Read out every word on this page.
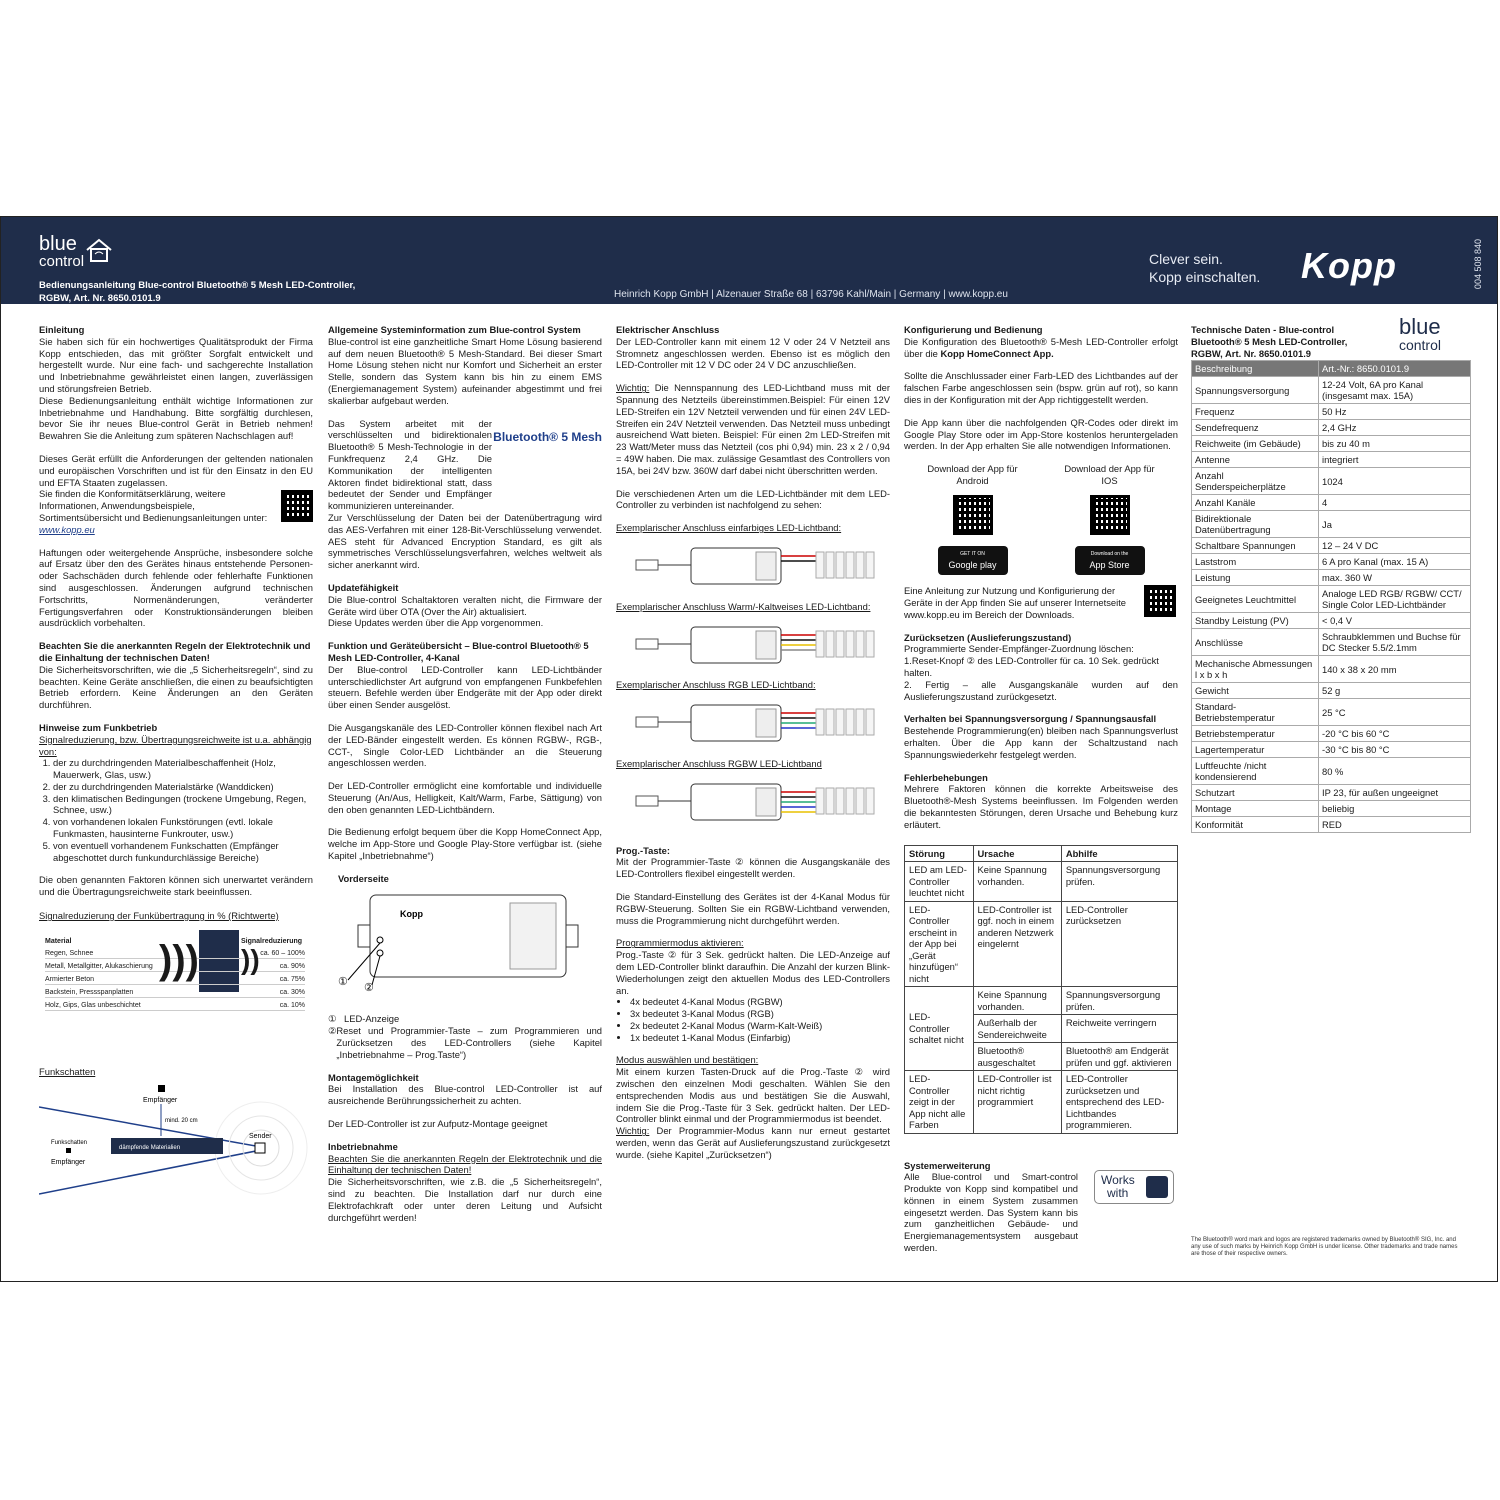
blue
control
Bedienungsanleitung Blue-control Bluetooth® 5 Mesh LED-Controller, RGBW, Art. Nr. 8650.0101.9	Heinrich Kopp GmbH | Alzenauer Straße 68 | 63796 Kahl/Main | Germany | www.kopp.eu
Clever sein.
Kopp einschalten. Kopp	004 508 840
Einleitung

Sie haben sich für ein hochwertiges Qualitätsprodukt der Firma Kopp entschieden, das mit größter Sorgfalt entwickelt und hergestellt wurde. Nur eine fach- und sachgerechte Installation und Inbetriebnahme gewährleistet einen langen, zuverlässigen und störungsfreien Betrieb.

Diese Bedienungsanleitung enthält wichtige Informationen zur Inbetriebnahme und Handhabung. Bitte sorgfältig durchlesen, bevor Sie ihr neues Blue-control Gerät in Betrieb nehmen! Bewahren Sie die Anleitung zum späteren Nachschlagen auf!

Dieses Gerät erfüllt die Anforderungen der geltenden nationalen und europäischen Vorschriften und ist für den Einsatz in den EU und EFTA Staaten zugelassen.

Sie finden die Konformitätserklärung, weitere Informationen, Anwendungsbeispiele, Sortimentsübersicht und Bedienungsanleitungen unter: www.kopp.eu

Haftungen oder weitergehende Ansprüche, insbesondere solche auf Ersatz über den des Gerätes hinaus entstehende Personen- oder Sachschäden durch fehlende oder fehlerhafte Funktionen sind ausgeschlossen. Änderungen aufgrund technischen Fortschritts, Normenänderungen, veränderter Fertigungsverfahren oder Konstruktionsänderungen bleiben ausdrücklich vorbehalten.

Beachten Sie die anerkannten Regeln der Elektrotechnik und die Einhaltung der technischen Daten!

Die Sicherheitsvorschriften, wie die „5 Sicherheitsregeln“, sind zu beachten. Keine Geräte anschließen, die einen zu beaufsichtigten Betrieb erfordern. Keine Änderungen an den Geräten durchführen.

Hinweise zum Funkbetrieb
Signalreduzierung, bzw. Übertragungsreichweite ist u.a. abhängig von:
1. der zu durchdringenden Materialbeschaffenheit (Holz, Mauerwerk, Glas, usw.)
2. der zu durchdringenden Materialstärke (Wanddicken)
3. den klimatischen Bedingungen (trockene Umgebung, Regen, Schnee, usw.)
4. von vorhandenen lokalen Funkstörungen (evtl. lokale Funkmasten, hausinterne Funkrouter, usw.)
5. von eventuell vorhandenem Funkschatten (Empfänger abgeschottet durch funkundurchlässige Bereiche)

Die oben genannten Faktoren können sich unerwartet verändern und die Übertragungsreichweite stark beeinflussen.

Signalreduzierung der Funkübertragung in % (Richtwerte)
Material	Signalreduzierung
Regen, Schnee	ca. 60 – 100%
Metall, Metallgitter, Alukaschierung	ca. 90%
Armierter Beton	ca. 75%
Backstein, Pressspanplatten	ca. 30%
Holz, Gips, Glas unbeschichtet	ca. 10%
))) ))
Funkschatten
dämpfende Materialien
Sender
Empfänger
mind. 20 cm
Funkschatten
Empfänger
Allgemeine Systeminformation zum Blue-control System

Blue-control ist eine ganzheitliche Smart Home Lösung basierend auf dem neuen Bluetooth® 5 Mesh-Standard. Bei dieser Smart Home Lösung stehen nicht nur Komfort und Sicherheit an erster Stelle, sondern das System kann bis hin zu einem EMS (Energiemanagement System) aufeinander abgestimmt und frei skalierbar aufgebaut werden.

Das System arbeitet mit der verschlüsselten und bidirektionalen Bluetooth® 5 Mesh-Technologie in der Funkfrequenz 2,4 GHz. Die Kommunikation der intelligenten Aktoren findet bidirektional statt, dass bedeutet der Sender und Empfänger kommunizieren untereinander.

Bluetooth® 5 Mesh

Zur Verschlüsselung der Daten bei der Datenübertragung wird das AES-Verfahren mit einer 128-Bit-Verschlüsselung verwendet. AES steht für Advanced Encryption Standard, es gilt als symmetrisches Verschlüsselungsverfahren, welches weltweit als sicher anerkannt wird.

Updatefähigkeit

Die Blue-control Schaltaktoren veralten nicht, die Firmware der Geräte wird über OTA (Over the Air) aktualisiert.

Diese Updates werden über die App vorgenommen.

Funktion und Geräteübersicht – Blue-control Bluetooth® 5 Mesh LED-Controller, 4-Kanal

Der Blue-control LED-Controller kann LED-Lichtbänder unterschiedlichster Art aufgrund von empfangenen Funkbefehlen steuern. Befehle werden über Endgeräte mit der App oder direkt über einen Sender ausgelöst.

Die Ausgangskanäle des LED-Controller können flexibel nach Art der LED-Bänder eingestellt werden. Es können RGBW-, RGB-, CCT-, Single Color-LED Lichtbänder an die Steuerung angeschlossen werden.

Der LED-Controller ermöglicht eine komfortable und individuelle Steuerung (An/Aus, Helligkeit, Kalt/Warm, Farbe, Sättigung) von den oben genannten LED-Lichtbändern.

Die Bedienung erfolgt bequem über die Kopp HomeConnect App, welche im App-Store und Google Play-Store verfügbar ist. (siehe Kapitel „Inbetriebnahme“)

Vorderseite
① ②
Kopp
① LED-Anzeige
② Reset und Programmier-Taste – zum Programmieren und Zurücksetzen des LED-Controllers (siehe Kapitel „Inbetriebnahme – Prog.Taste“)
Montagemöglichkeit

Bei Installation des Blue-control LED-Controller ist auf ausreichende Berührungssicherheit zu achten.

Der LED-Controller ist zur Aufputz-Montage geeignet

Inbetriebnahme
Beachten Sie die anerkannten Regeln der Elektrotechnik und die Einhaltung der technischen Daten!

Die Sicherheitsvorschriften, wie z.B. die „5 Sicherheitsregeln“, sind zu beachten. Die Installation darf nur durch eine Elektrofachkraft oder unter deren Leitung und Aufsicht durchgeführt werden!

Elektrischer Anschluss

Der LED-Controller kann mit einem 12 V oder 24 V Netzteil ans Stromnetz angeschlossen werden. Ebenso ist es möglich den LED-Controller mit 12 V DC oder 24 V DC anzuschließen.

Wichtig: Die Nennspannung des LED-Lichtband muss mit der Spannung des Netzteils übereinstimmen.Beispiel: Für einen 12V LED-Streifen ein 12V Netzteil verwenden und für einen 24V LED-Streifen ein 24V Netzteil verwenden. Das Netzteil muss unbedingt ausreichend Watt bieten. Beispiel: Für einen 2m LED-Streifen mit 23 Watt/Meter muss das Netzteil (cos phi 0,94) min. 23 x 2 / 0,94 = 49W haben. Die max. zulässige Gesamtlast des Controllers von 15A, bei 24V bzw. 360W darf dabei nicht überschritten werden.

Die verschiedenen Arten um die LED-Lichtbänder mit dem LED-Controller zu verbinden ist nachfolgend zu sehen:

Exemplarischer Anschluss einfarbiges LED-Lichtband:
Exemplarischer Anschluss Warm/-Kaltweises LED-Lichtband:
Exemplarischer Anschluss RGB LED-Lichtband:
Exemplarischer Anschluss RGBW LED-Lichtband
Prog.-Taste:

Mit der Programmier-Taste ② können die Ausgangskanäle des LED-Controllers flexibel eingestellt werden.

Die Standard-Einstellung des Gerätes ist der 4-Kanal Modus für RGBW-Steuerung. Sollten Sie ein RGBW-Lichtband verwenden, muss die Programmierung nicht durchgeführt werden.

Programmiermodus aktivieren:

Prog.-Taste ② für 3 Sek. gedrückt halten. Die LED-Anzeige auf dem LED-Controller blinkt daraufhin. Die Anzahl der kurzen Blink-Wiederholungen zeigt den aktuellen Modus des LED-Controllers an.

• 4x bedeutet 4-Kanal Modus (RGBW)
• 3x bedeutet 3-Kanal Modus (RGB)
• 2x bedeutet 2-Kanal Modus (Warm-Kalt-Weiß)
• 1x bedeutet 1-Kanal Modus (Einfarbig)
Modus auswählen und bestätigen:

Mit einem kurzen Tasten-Druck auf die Prog.-Taste ② wird zwischen den einzelnen Modi geschalten. Wählen Sie den entsprechenden Modis aus und bestätigen Sie die Auswahl, indem Sie die Prog.-Taste für 3 Sek. gedrückt halten. Der LED-Controller blinkt einmal und der Programmiermodus ist beendet.

Wichtig: Der Programmier-Modus kann nur erneut gestartet werden, wenn das Gerät auf Auslieferungszustand zurückgesetzt wurde. (siehe Kapitel „Zurücksetzen“)

Konfigurierung und Bedienung

Die Konfiguration des Bluetooth® 5-Mesh LED-Controller erfolgt über die Kopp HomeConnect App.

Sollte die Anschlussader einer Farb-LED des Lichtbandes auf der falschen Farbe angeschlossen sein (bspw. grün auf rot), so kann dies in der Konfiguration mit der App richtiggestellt werden.

Die App kann über die nachfolgenden QR-Codes oder direkt im Google Play Store oder im App-Store kostenlos heruntergeladen werden. In der App erhalten Sie alle notwendigen Informationen.

Download der App für Android

GET IT ON
Google play
Download der App für IOS

Download on the
App Store
Eine Anleitung zur Nutzung und Konfigurierung der Geräte in der App finden Sie auf unserer Internetseite www.kopp.eu im Bereich der Downloads.
Zurücksetzen (Auslieferungszustand)
Programmierte Sender-Empfänger-Zuordnung löschen:
1.Reset-Knopf ② des LED-Controller für ca. 10 Sek. gedrückt halten.

2. Fertig – alle Ausgangskanäle wurden auf den Auslieferungszustand zurückgesetzt.

Verhalten bei Spannungsversorgung / Spannungsausfall

Bestehende Programmierung(en) bleiben nach Spannungsverlust erhalten. Über die App kann der Schaltzustand nach Spannungswiederkehr festgelegt werden.

Fehlerbehebungen

Mehrere Faktoren können die korrekte Arbeitsweise des Bluetooth®-Mesh Systems beeinflussen. Im Folgenden werden die bekanntesten Störungen, deren Ursache und Behebung kurz erläutert.

Störung	Ursache	Abhilfe
LED am LED-Controller leuchtet nicht	Keine Spannung vorhanden.	Spannungsversorgung prüfen.
LED-Controller erscheint in der App bei „Gerät hinzufügen“ nicht	LED-Controller ist ggf. noch in einem anderen Netzwerk eingelernt	LED-Controller zurücksetzen
LED-Controller schaltet nicht	Keine Spannung vorhanden.	Spannungsversorgung prüfen.
	Außerhalb der Sendereichweite	Reichweite verringern
	Bluetooth® ausgeschaltet	Bluetooth® am Endgerät prüfen und ggf. aktivieren
LED-Controller zeigt in der App nicht alle Farben	LED-Controller ist nicht richtig programmiert	LED-Controller zurücksetzen und entsprechend des LED-Lichtbandes programmieren.
Systemerweiterung

Alle Blue-control und Smart-control Produkte von Kopp sind kompatibel und können in einem System zusammen eingesetzt werden. Das System kann bis zum ganzheitlichen Gebäude- und Energiemanagementsystem ausgebaut werden.

Works
with
Technische Daten - Blue-control Bluetooth® 5 Mesh LED-Controller, RGBW, Art. Nr. 8650.0101.9
blue
control
Beschreibung	Art.-Nr.: 8650.0101.9
Spannungsversorgung	12-24 Volt, 6A pro Kanal (insgesamt max. 15A)
Frequenz	50 Hz
Sendefrequenz	2,4 GHz
Reichweite (im Gebäude)	bis zu 40 m
Antenne	integriert
Anzahl Senderspeicherplätze	1024
Anzahl Kanäle	4
Bidirektionale Datenübertragung	Ja
Schaltbare Spannungen	12 – 24 V DC
Laststrom	6 A pro Kanal (max. 15 A)
Leistung	max. 360 W
Geeignetes Leuchtmittel	Analoge LED RGB/ RGBW/ CCT/ Single Color LED-Lichtbänder
Standby Leistung (PV)	< 0,4 V
Anschlüsse	Schraubklemmen und Buchse für DC Stecker 5.5/2.1mm
Mechanische Abmessungen l x b x h	140 x 38 x 20 mm
Gewicht	52 g
Standard-Betriebstemperatur	25 °C
Betriebstemperatur	-20 °C bis 60 °C
Lagertemperatur	-30 °C bis 80 °C
Luftfeuchte /nicht kondensierend	80 %
Schutzart	IP 23, für außen ungeeignet
Montage	beliebig
Konformität	RED
The Bluetooth® word mark and logos are registered trademarks owned by Bluetooth® SIG, Inc. and any use of such marks by Heinrich Kopp GmbH is under license. Other trademarks and trade names are those of their respective owners.
